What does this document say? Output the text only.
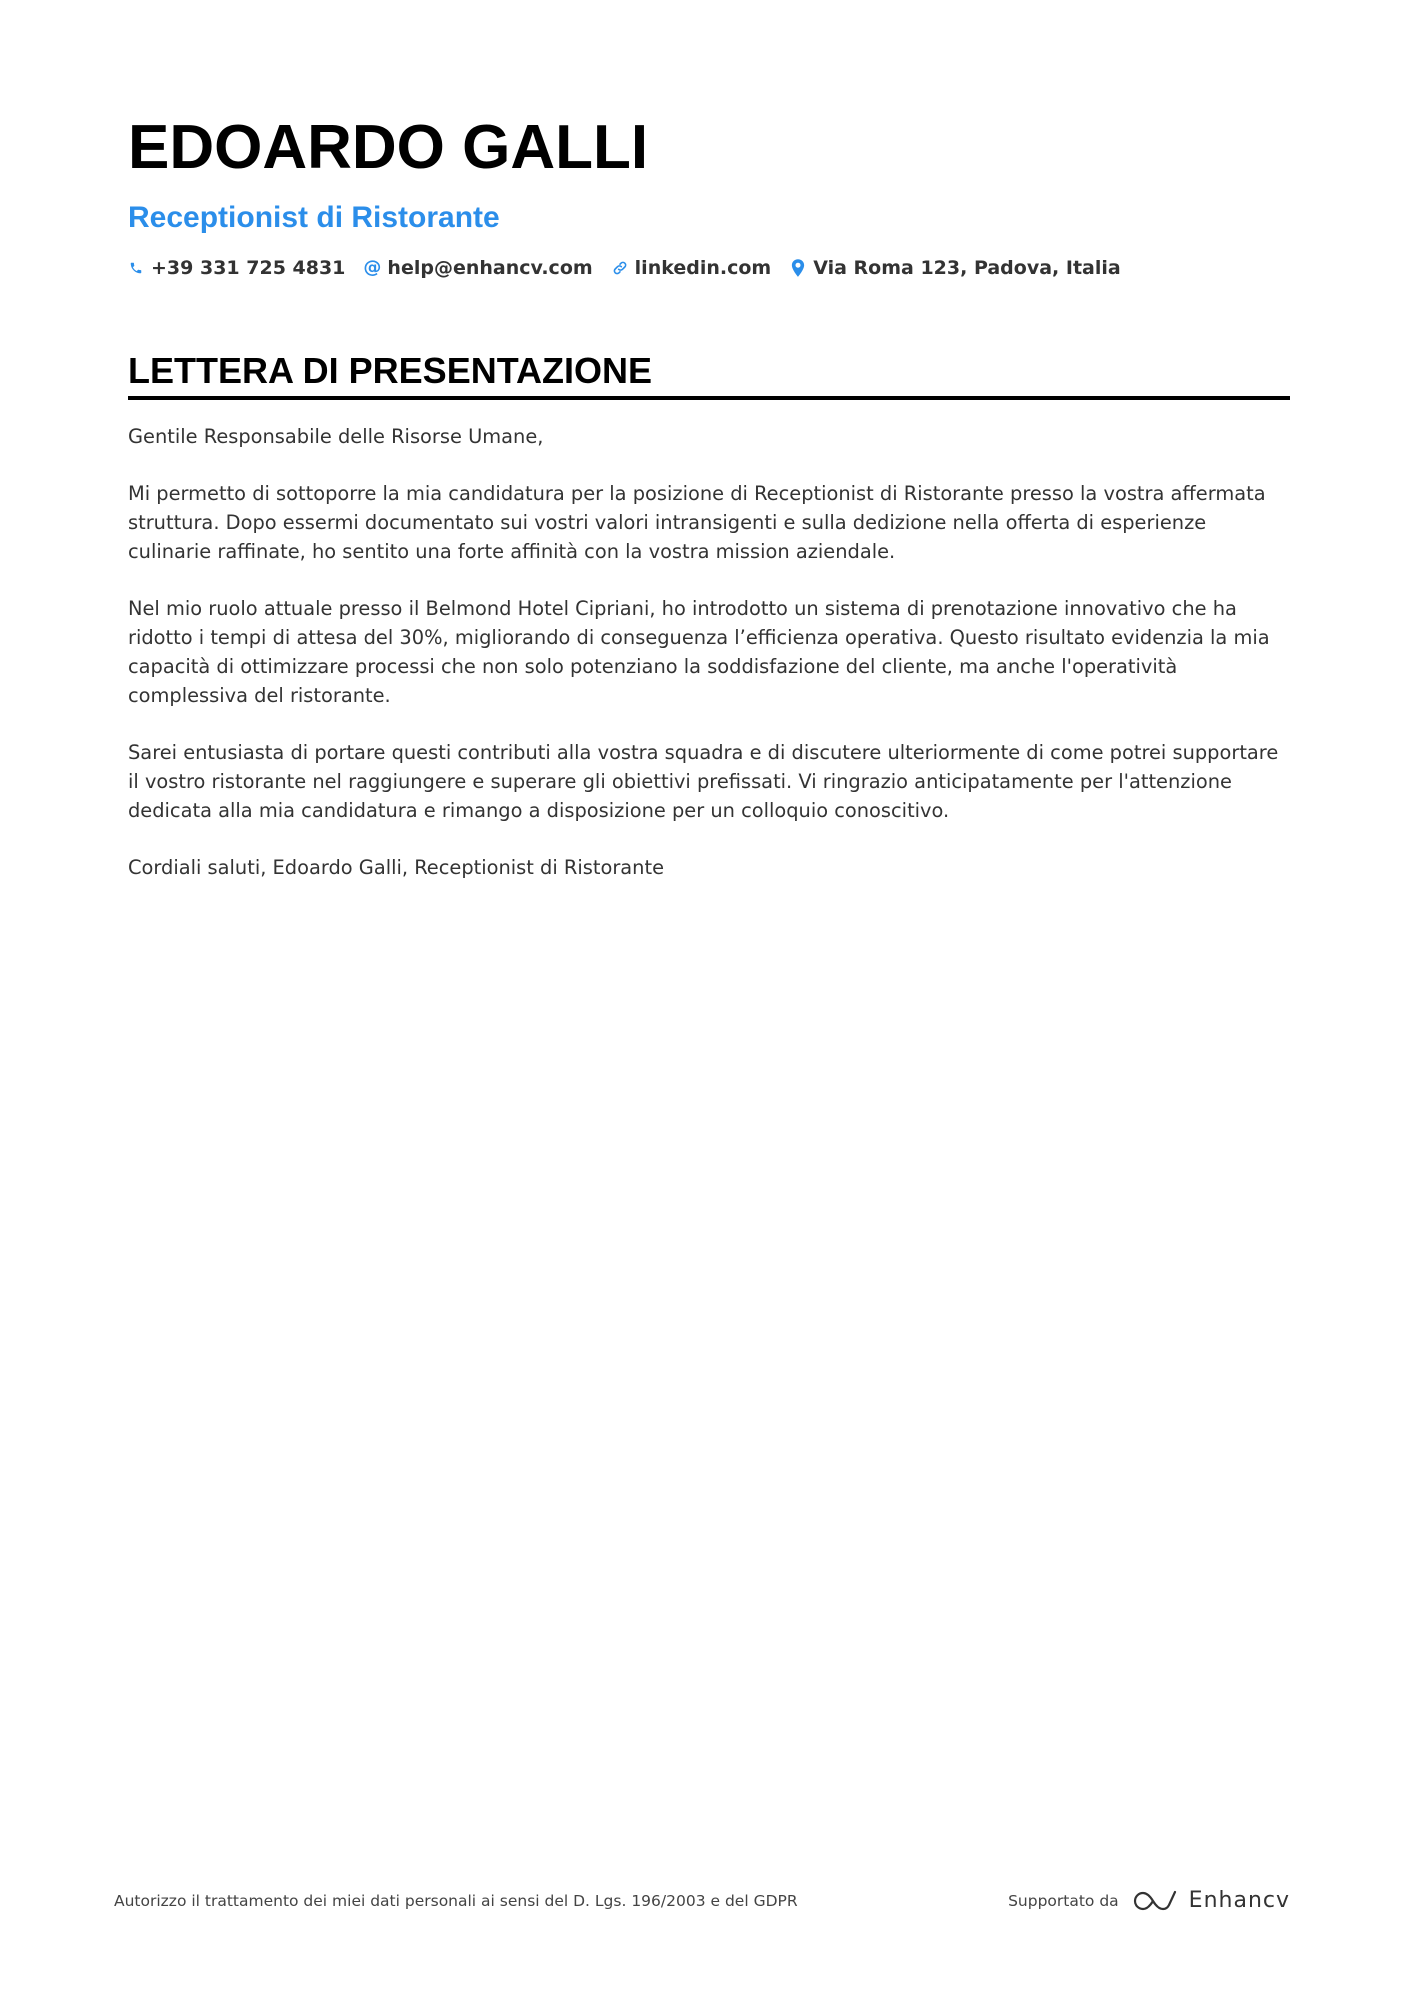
EDOARDO GALLI
Receptionist di Ristorante
+39 331 725 4831 @ help@enhancv.com linkedin.com Via Roma 123, Padova, Italia
LETTERA DI PRESENTAZIONE

Gentile Responsabile delle Risorse Umane,

Mi permetto di sottoporre la mia candidatura per la posizione di Receptionist di Ristorante presso la vostra affermata struttura. Dopo essermi documentato sui vostri valori intransigenti e sulla dedizione nella offerta di esperienze culinarie raffinate, ho sentito una forte affinità con la vostra mission aziendale.

Nel mio ruolo attuale presso il Belmond Hotel Cipriani, ho introdotto un sistema di prenotazione innovativo che ha ridotto i tempi di attesa del 30%, migliorando di conseguenza l’efficienza operativa. Questo risultato evidenzia la mia capacità di ottimizzare processi che non solo potenziano la soddisfazione del cliente, ma anche l'operatività complessiva del ristorante.

Sarei entusiasta di portare questi contributi alla vostra squadra e di discutere ulteriormente di come potrei supportare il vostro ristorante nel raggiungere e superare gli obiettivi prefissati. Vi ringrazio anticipatamente per l'attenzione dedicata alla mia candidatura e rimango a disposizione per un colloquio conoscitivo.

Cordiali saluti, Edoardo Galli, Receptionist di Ristorante

Autorizzo il trattamento dei miei dati personali ai sensi del D. Lgs. 196/2003 e del GDPR	Supportato da	Enhancv
